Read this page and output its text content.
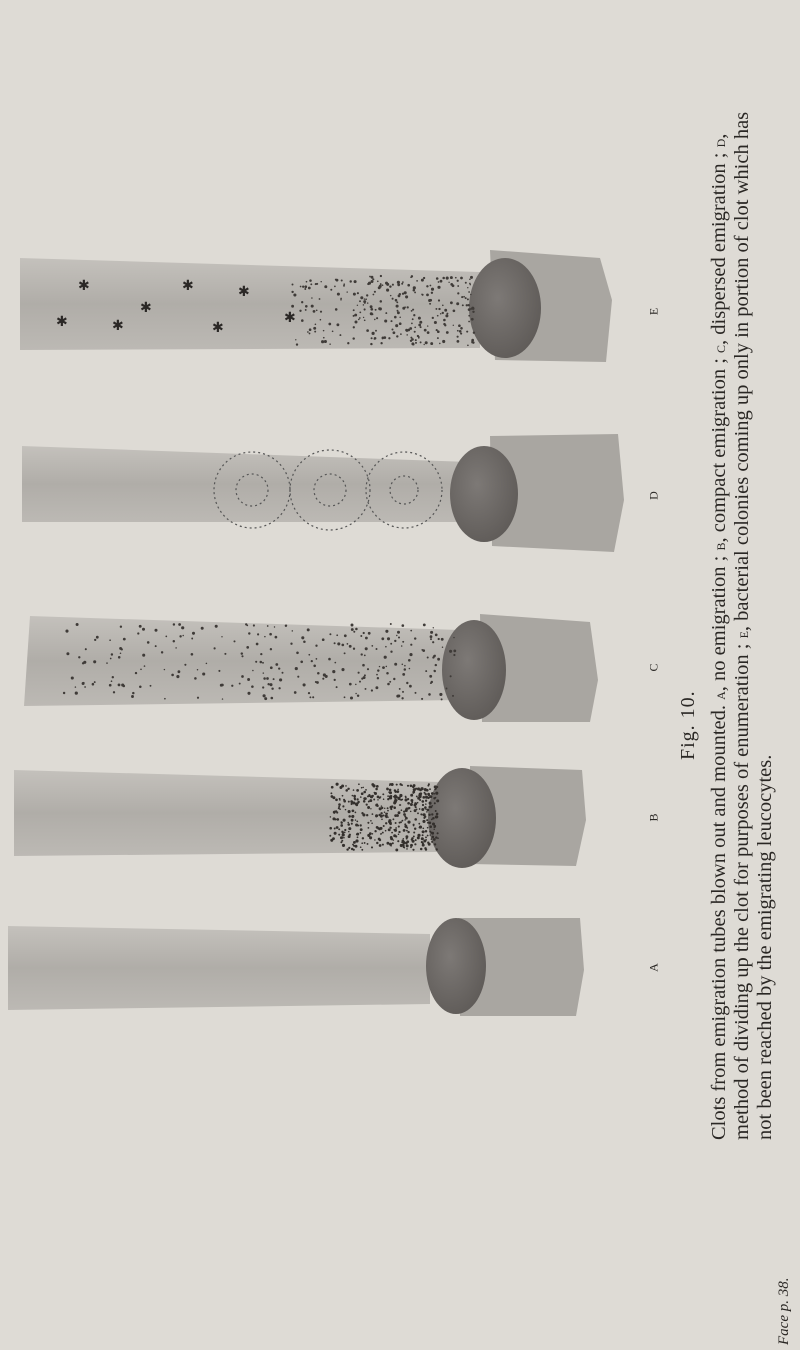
✱	✱	✱
✱
✱	✱	✱
✱	E
D
C
B
A
Fig. 10. Clots from emigration tubes blown out and mounted. a, no emigration ; b, compact emigration ; c, dispersed emigration ; d, method of dividing up the clot for purposes of enumeration ; e, bacterial colonies coming up only in portion of clot which has not been reached by the emigrating leucocytes.
Face p. 38.
